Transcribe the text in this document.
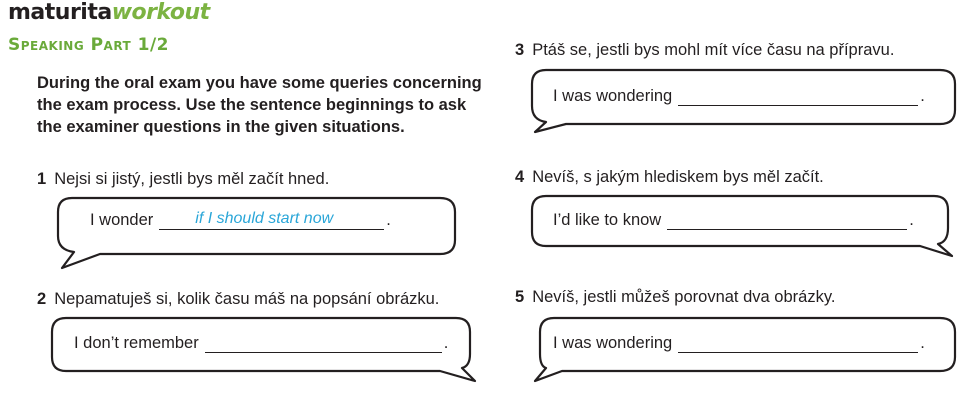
maturitaworkout
Speaking Part 1/2
During the oral exam you have some queries concerning the exam process. Use the sentence beginnings to ask the examiner questions in the given situations.
1 Nejsi si jistý, jestli bys měl začít hned.
I wonder	if I should start now	.
2 Nepamatuješ si, kolik času máš na popsání obrázku.
I don’t remember	.
3 Ptáš se, jestli bys mohl mít více času na přípravu.
I was wondering	.
4 Nevíš, s jakým hlediskem bys měl začít.
I’d like to know	.
5 Nevíš, jestli můžeš porovnat dva obrázky.
I was wondering	.
